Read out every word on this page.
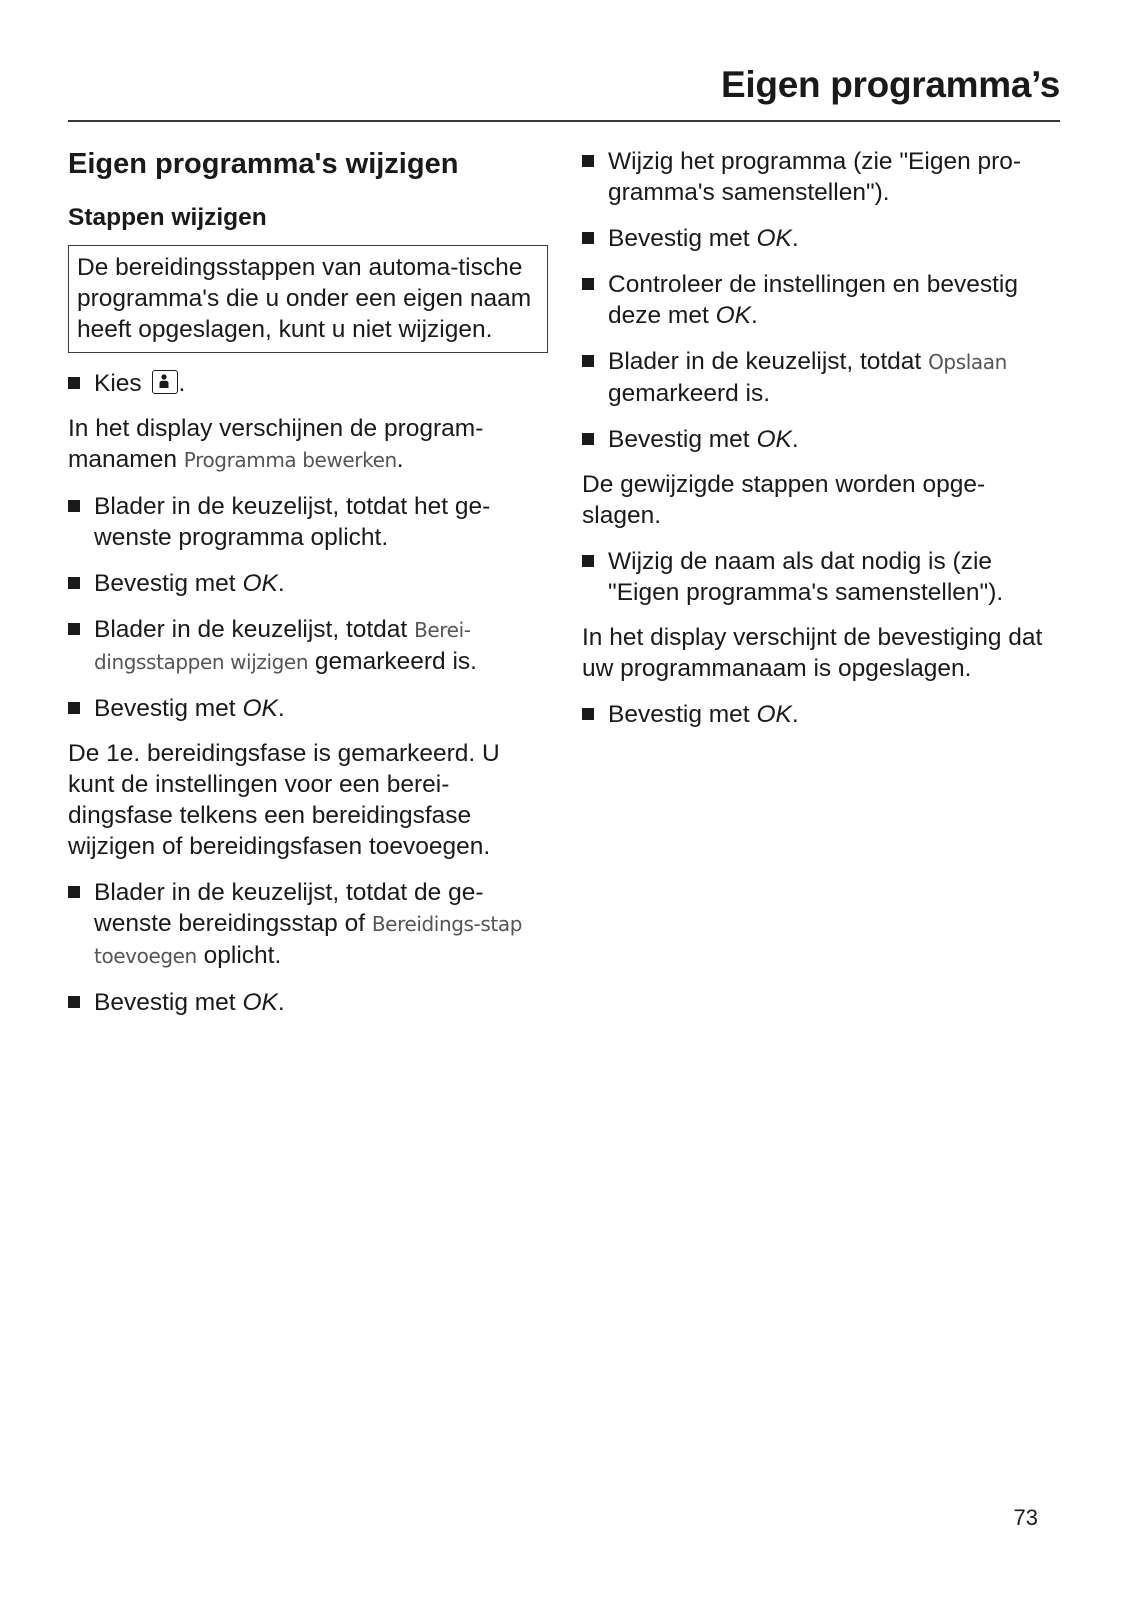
Eigen programma’s
Eigen programma's wijzigen
Stappen wijzigen
De bereidingsstappen van automa-tische programma's die u onder een eigen naam heeft opgeslagen, kunt u niet wijzigen.
Kies .

In het display verschijnen de program-manamen Programma bewerken.

Blader in de keuzelijst, totdat het ge-wenste programma oplicht.
Bevestig met OK.
Blader in de keuzelijst, totdat Berei-dingsstappen wijzigen gemarkeerd is.
Bevestig met OK.

De 1e. bereidingsfase is gemarkeerd. U kunt de instellingen voor een berei-dingsfase telkens een bereidingsfase wijzigen of bereidingsfasen toevoegen.

Blader in de keuzelijst, totdat de ge-wenste bereidingsstap of Bereidings-stap toevoegen oplicht.
Bevestig met OK.
Wijzig het programma (zie "Eigen pro-gramma's samenstellen").
Bevestig met OK.
Controleer de instellingen en bevestig deze met OK.
Blader in de keuzelijst, totdat Opslaan gemarkeerd is.
Bevestig met OK.

De gewijzigde stappen worden opge-slagen.

Wijzig de naam als dat nodig is (zie "Eigen programma's samenstellen").

In het display verschijnt de bevestiging dat uw programmanaam is opgeslagen.

Bevestig met OK.
73
